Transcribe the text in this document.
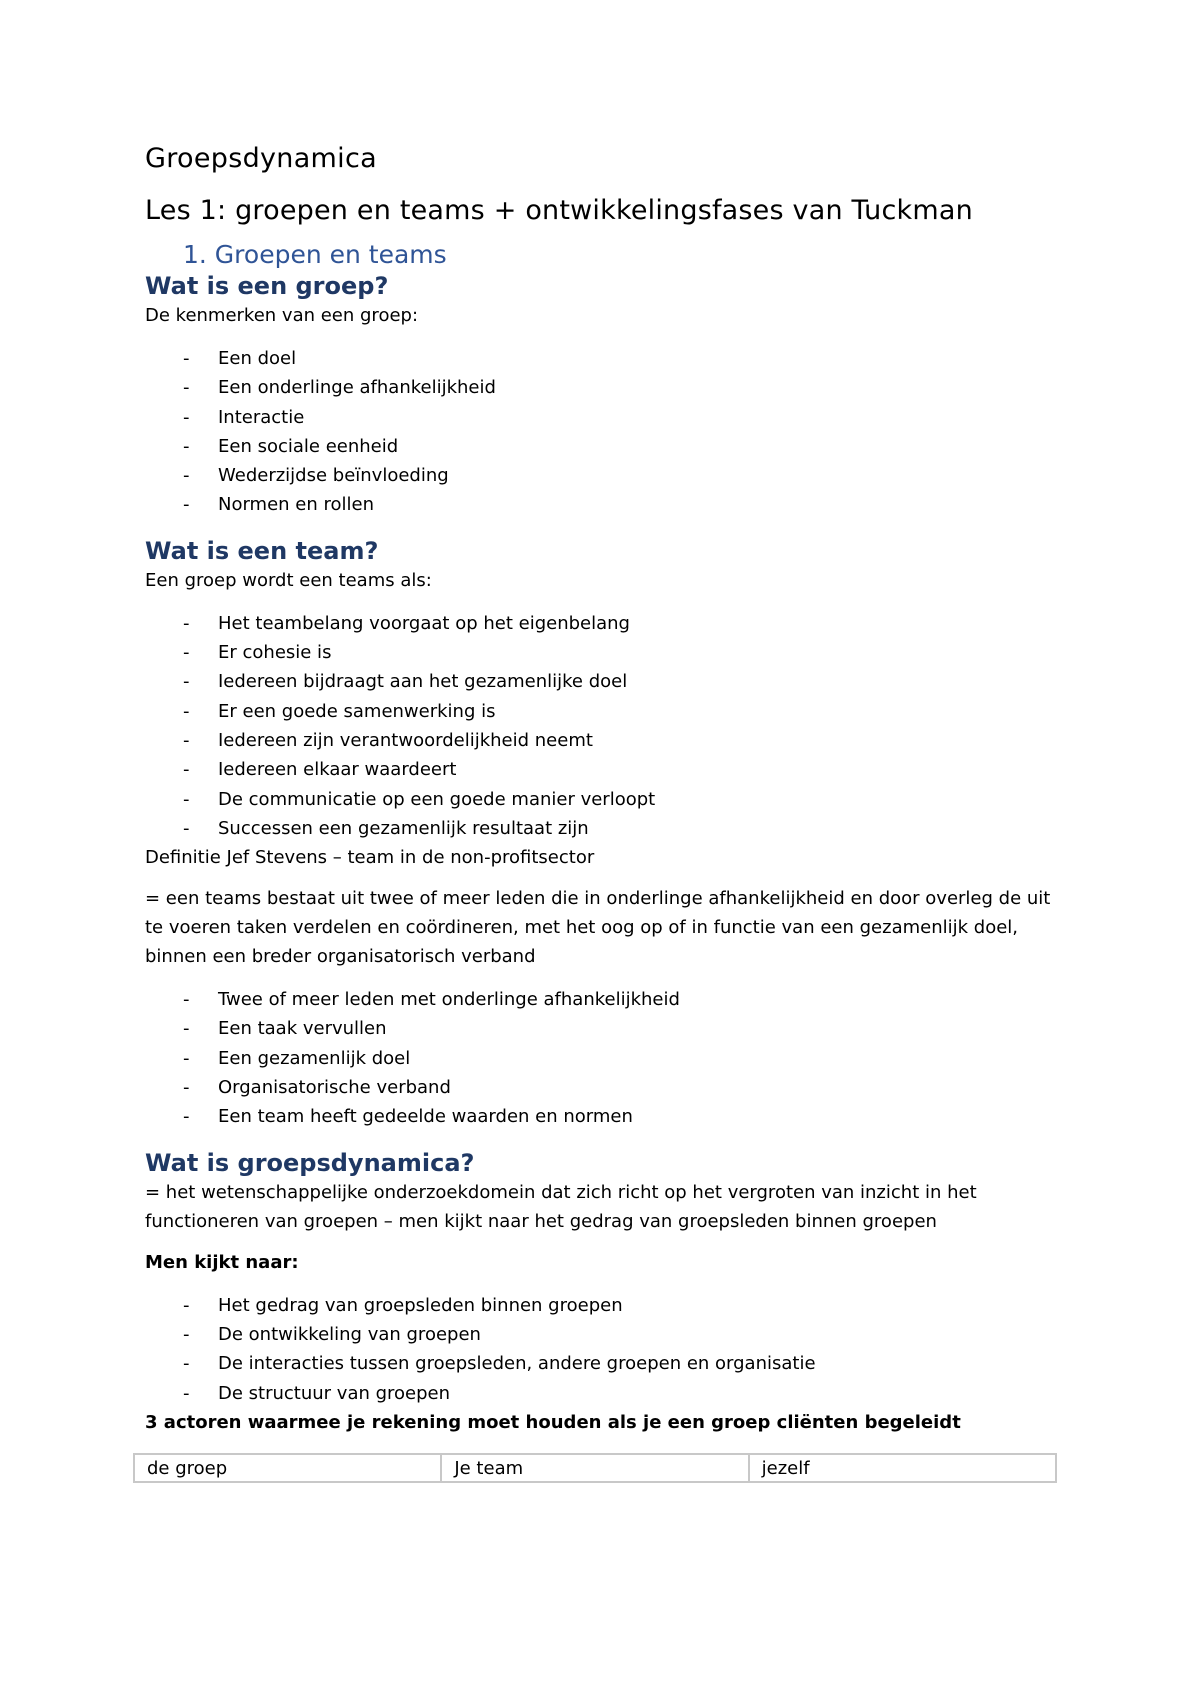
Groepsdynamica
Les 1: groepen en teams + ontwikkelingsfases van Tuckman
1. Groepen en teams
Wat is een groep?

De kenmerken van een groep:

- Een doel
- Een onderlinge afhankelijkheid
- Interactie
- Een sociale eenheid
- Wederzijdse beïnvloeding
- Normen en rollen
Wat is een team?

Een groep wordt een teams als:

- Het teambelang voorgaat op het eigenbelang
- Er cohesie is
- Iedereen bijdraagt aan het gezamenlijke doel
- Er een goede samenwerking is
- Iedereen zijn verantwoordelijkheid neemt
- Iedereen elkaar waardeert
- De communicatie op een goede manier verloopt
- Successen een gezamenlijk resultaat zijn

Definitie Jef Stevens – team in de non-profitsector

= een teams bestaat uit twee of meer leden die in onderlinge afhankelijkheid en door overleg de uit te voeren taken verdelen en coördineren, met het oog op of in functie van een gezamenlijk doel, binnen een breder organisatorisch verband

- Twee of meer leden met onderlinge afhankelijkheid
- Een taak vervullen
- Een gezamenlijk doel
- Organisatorische verband
- Een team heeft gedeelde waarden en normen
Wat is groepsdynamica?

= het wetenschappelijke onderzoekdomein dat zich richt op het vergroten van inzicht in het functioneren van groepen – men kijkt naar het gedrag van groepsleden binnen groepen

Men kijkt naar:

- Het gedrag van groepsleden binnen groepen
- De ontwikkeling van groepen
- De interacties tussen groepsleden, andere groepen en organisatie
- De structuur van groepen

3 actoren waarmee je rekening moet houden als je een groep cliënten begeleidt

de groep	Je team	jezelf
